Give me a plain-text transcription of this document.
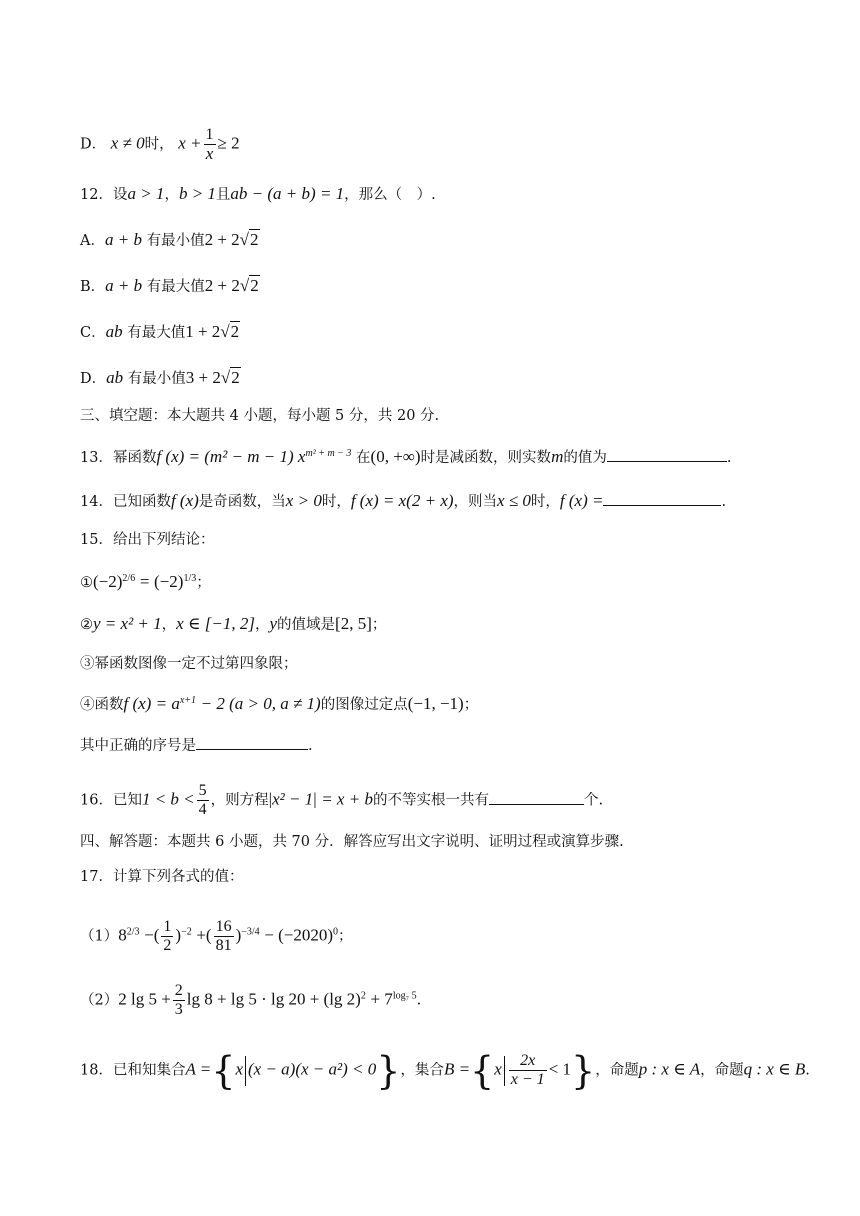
D． x ≠ 0时， $x + \frac{1}{x} \ge 2$
12．设a > 1，b > 1且ab − (a + b) = 1，那么（　）.
A．a + b 有最小值2 + 2√2
B．a + b 有最大值2 + 2√2
C．ab 有最大值1 + 2√2
D．ab 有最小值3 + 2√2
三、填空题：本大题共 4 小题，每小题 5 分，共 20 分.
13．幂函数f (x) = (m² − m − 1) $x^{m^2 + m - 3}$ 在(0, +∞)时是减函数，则实数m的值为	.
14．已知函数f (x)是奇函数，当x > 0时，f (x) = x(2 + x)，则当x ≤ 0时，f (x) =	.
15．给出下列结论：
$①(-2)^{2/6} = (-2)^{1/3}$；
②y = x² + 1，x ∈ [−1, 2]，y的值域是[2, 5]；
③幂函数图像一定不过第四象限；
④函数f $(x) = a^{x+1} - 2$ (a > 0, a ≠ 1)的图像过定点(−1, −1)；
其中正确的序号是	.
16．已知$1 < b < \frac{5}{4}$ ，则方程|x² − 1| = x + b的不等实根一共有	个.
四、解答题：本题共 6 小题，共 70 分．解答应写出文字说明、证明过程或演算步骤.
17．计算下列各式的值：
$(1)8^{2/3}$ −( $\frac{1}{2} )^{-2}$ +( $\frac{16}{81} )^{-3/4} - (-2020)^0$；
（2）2 $\lg 5 + \frac{2}{3}$ lg 8 + lg 5 · lg 20 + (lg $2)^2 + 7^{log_7 5}$.
18．已和知集合A ={x (x − a)(x − a²) < 0}，集合$B =\{x \frac{2x}{x - 1} < 1\}$，命题p : x ∈ A，命题q : x ∈ B.
